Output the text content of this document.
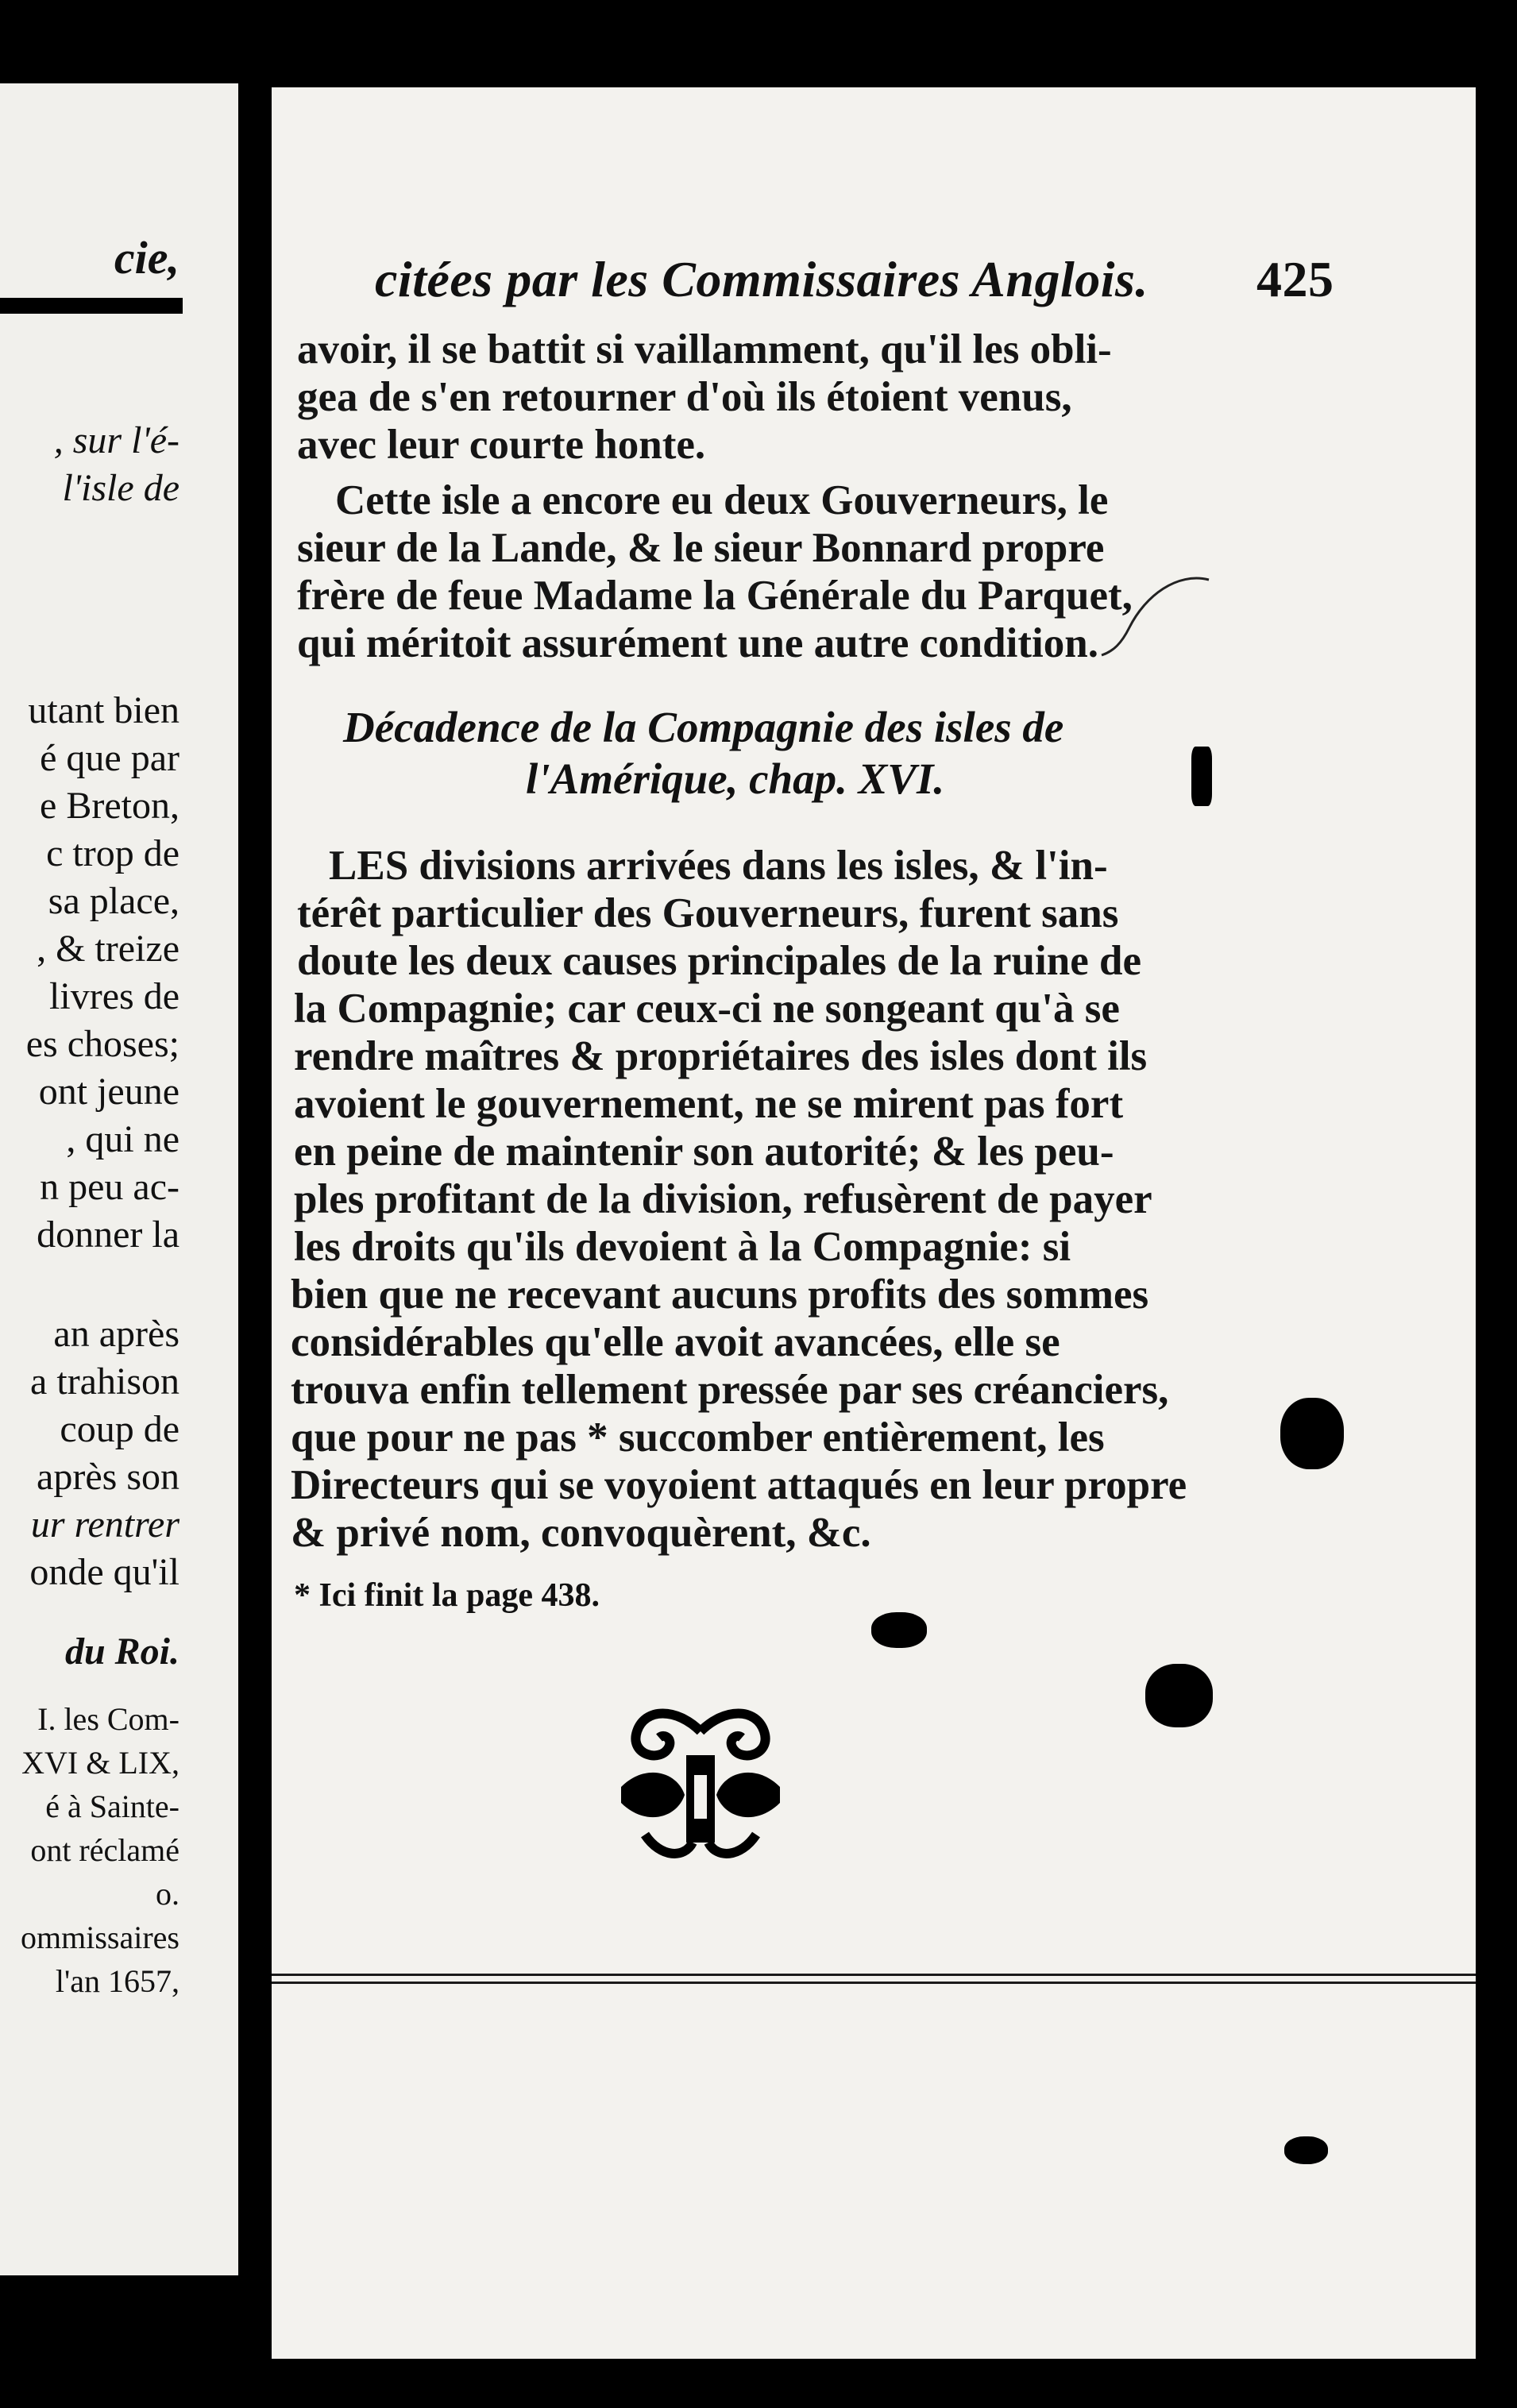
cie,
, sur l'é-
l'isle de
utant bien
é que par
e Breton,
c trop de
sa place,
, & treize
livres de
es choses;
ont jeune
, qui ne
n peu ac-
donner la
an après
a trahison
coup de
après son
ur rentrer
onde qu'il
du Roi.
I. les Com-
XVI & LIX,
é à Sainte-
ont réclamé
o.
ommissaires
l'an 1657,
citées par les Commissaires Anglois. 425
avoir, il se battit si vaillamment, qu'il les obli-
gea de s'en retourner d'où ils étoient venus,
avec leur courte honte.
Cette isle a encore eu deux Gouverneurs, le
sieur de la Lande, & le sieur Bonnard propre
frère de feue Madame la Générale du Parquet,
qui méritoit assurément une autre condition.
Décadence de la Compagnie des isles de
l'Amérique, chap. XVI.
LES divisions arrivées dans les isles, & l'in-
térêt particulier des Gouverneurs, furent sans
doute les deux causes principales de la ruine de
la Compagnie; car ceux-ci ne songeant qu'à se
rendre maîtres & propriétaires des isles dont ils
avoient le gouvernement, ne se mirent pas fort
en peine de maintenir son autorité; & les peu-
ples profitant de la division, refusèrent de payer
les droits qu'ils devoient à la Compagnie: si
bien que ne recevant aucuns profits des sommes
considérables qu'elle avoit avancées, elle se
trouva enfin tellement pressée par ses créanciers,
que pour ne pas * succomber entièrement, les
Directeurs qui se voyoient attaqués en leur propre
& privé nom, convoquèrent, &c.
* Ici finit la page 438.
